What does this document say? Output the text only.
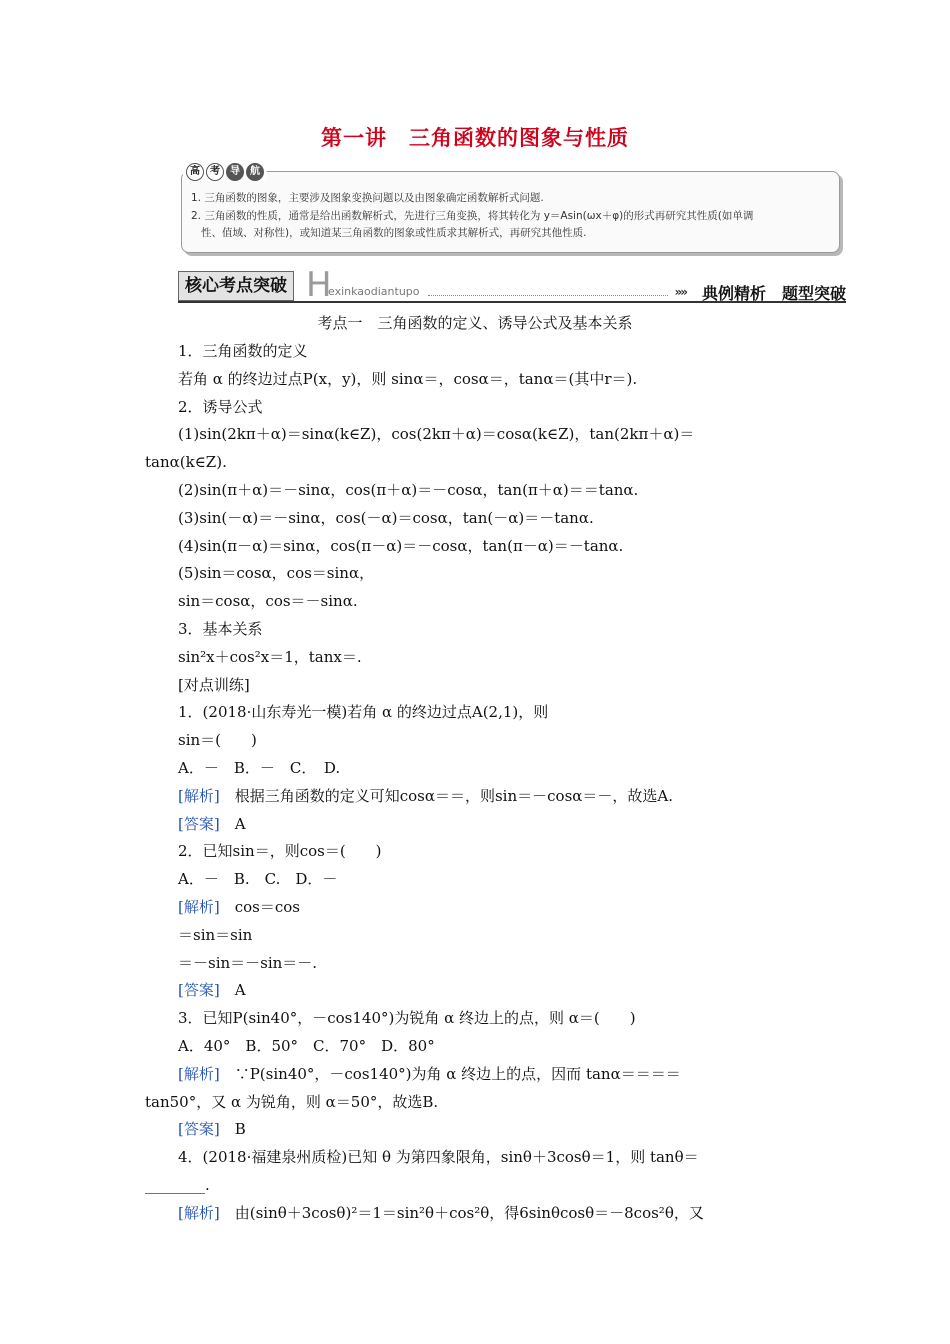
第一讲　三角函数的图象与性质
高	考	导	航
1. 三角函数的图象，主要涉及图象变换问题以及由图象确定函数解析式问题.
2. 三角函数的性质，通常是给出函数解析式，先进行三角变换，将其转化为 y＝Asin(ωx＋φ)的形式再研究其性质(如单调
性、值域、对称性)，或知道某三角函数的图象或性质求其解析式，再研究其他性质.
核心考点突破 H
exinkaodiantupo	»» 典例精析　题型突破
考点一　三角函数的定义、诱导公式及基本关系
1．三角函数的定义
若角 α 的终边过点P(x，y)，则 sinα＝，cosα＝，tanα＝(其中r＝).
2．诱导公式
(1)sin(2kπ＋α)＝sinα(k∈Z)，cos(2kπ＋α)＝cosα(k∈Z)，tan(2kπ＋α)＝
tanα(k∈Z).
(2)sin(π＋α)＝－sinα，cos(π＋α)＝－cosα，tan(π＋α)＝＝tanα.
(3)sin(－α)＝－sinα，cos(－α)＝cosα，tan(－α)＝－tanα.
(4)sin(π－α)＝sinα，cos(π－α)＝－cosα，tan(π－α)＝－tanα.
(5)sin＝cosα，cos＝sinα，
sin＝cosα，cos＝－sinα.
3．基本关系
sin²x＋cos²x＝1，tanx＝.
[对点训练]
1．(2018·山东寿光一模)若角 α 的终边过点A(2,1)，则
sin＝(　　)
A．－　B．－　C．　D.
[解析]　根据三角函数的定义可知cosα＝＝，则sin＝－cosα＝－，故选A.
[答案]　A
2．已知sin＝，则cos＝(　　)
A．－　B.　C.　D．－
[解析]　cos＝cos
＝sin＝sin
＝－sin＝－sin＝－.
[答案]　A
3．已知P(sin40°，－cos140°)为锐角 α 终边上的点，则 α＝(　　)
A．40°　B．50°　C．70°　D．80°
[解析]　∵P(sin40°，－cos140°)为角 α 终边上的点，因而 tanα＝＝＝＝
tan50°，又 α 为锐角，则 α＝50°，故选B.
[答案]　B
4．(2018·福建泉州质检)已知 θ 为第四象限角，sinθ＋3cosθ＝1，则 tanθ＝
________.
[解析]　由(sinθ＋3cosθ)²＝1＝sin²θ＋cos²θ，得6sinθcosθ＝－8cos²θ，又
